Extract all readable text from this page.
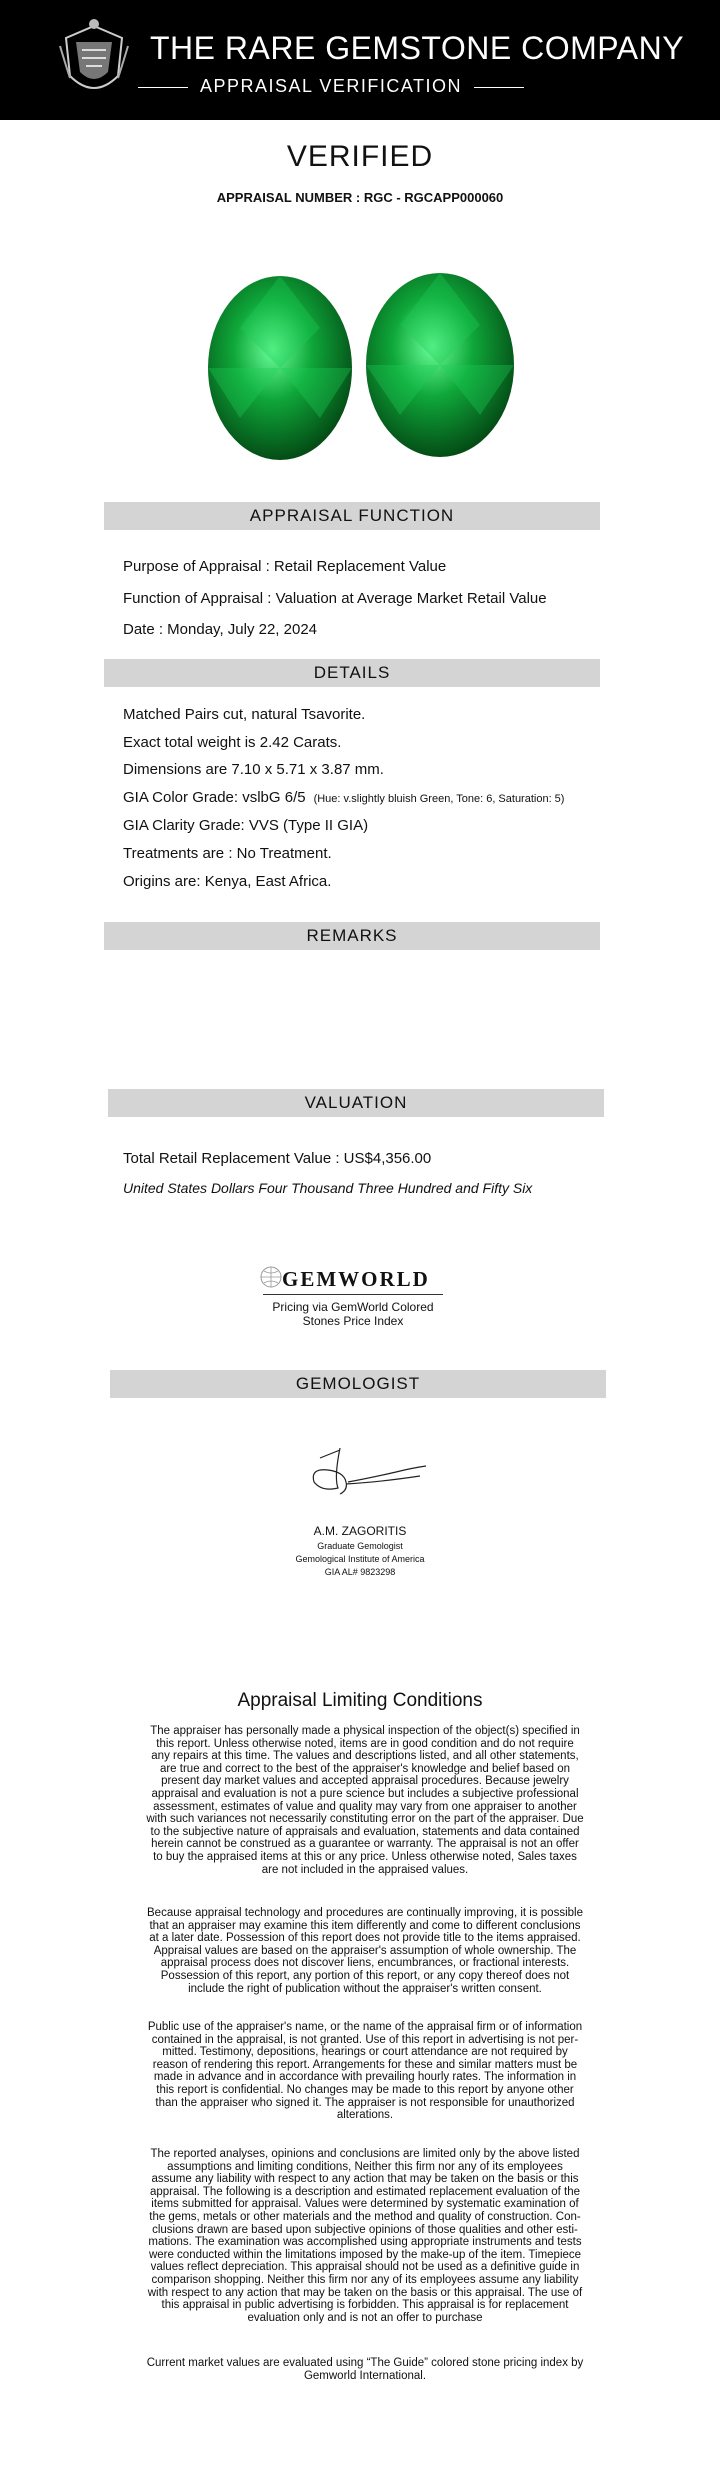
THE RARE GEMSTONE COMPANY
APPRAISAL VERIFICATION
VERIFIED
APPRAISAL NUMBER : RGC - RGCAPP000060
APPRAISAL FUNCTION
Purpose of Appraisal : Retail Replacement Value
Function of Appraisal : Valuation at Average Market Retail Value
Date : Monday, July 22, 2024
DETAILS
Matched Pairs cut, natural Tsavorite.
Exact total weight is 2.42 Carats.
Dimensions are 7.10 x 5.71 x 3.87 mm.
GIA Color Grade: vslbG 6/5 (Hue: v.slightly bluish Green, Tone: 6, Saturation: 5)
GIA Clarity Grade: VVS (Type II GIA)
Treatments are : No Treatment.
Origins are: Kenya, East Africa.
REMARKS
VALUATION
Total Retail Replacement Value : US$4,356.00
United States Dollars Four Thousand Three Hundred and Fifty Six
GEMWORLD
Pricing via GemWorld Colored
Stones Price Index
GEMOLOGIST
A.M. ZAGORITIS
Graduate Gemologist
Gemological Institute of America
GIA AL# 9823298
Appraisal Limiting Conditions
The appraiser has personally made a physical inspection of the object(s) specified in
this report. Unless otherwise noted, items are in good condition and do not require
any repairs at this time. The values and descriptions listed, and all other statements,
are true and correct to the best of the appraiser's knowledge and belief based on
present day market values and accepted appraisal procedures. Because jewelry
appraisal and evaluation is not a pure science but includes a subjective professional
assessment, estimates of value and quality may vary from one appraiser to another
with such variances not necessarily constituting error on the part of the appraiser. Due
to the subjective nature of appraisals and evaluation, statements and data contained
herein cannot be construed as a guarantee or warranty. The appraisal is not an offer
to buy the appraised items at this or any price. Unless otherwise noted, Sales taxes
are not included in the appraised values.
Because appraisal technology and procedures are continually improving, it is possible
that an appraiser may examine this item differently and come to different conclusions
at a later date. Possession of this report does not provide title to the items appraised.
Appraisal values are based on the appraiser's assumption of whole ownership. The
appraisal process does not discover liens, encumbrances, or fractional interests.
Possession of this report, any portion of this report, or any copy thereof does not
include the right of publication without the appraiser's written consent.
Public use of the appraiser's name, or the name of the appraisal firm or of information
contained in the appraisal, is not granted. Use of this report in advertising is not per-
mitted. Testimony, depositions, hearings or court attendance are not required by
reason of rendering this report. Arrangements for these and similar matters must be
made in advance and in accordance with prevailing hourly rates. The information in
this report is confidential. No changes may be made to this report by anyone other
than the appraiser who signed it. The appraiser is not responsible for unauthorized
alterations.
The reported analyses, opinions and conclusions are limited only by the above listed
assumptions and limiting conditions, Neither this firm nor any of its employees
assume any liability with respect to any action that may be taken on the basis or this
appraisal. The following is a description and estimated replacement evaluation of the
items submitted for appraisal. Values were determined by systematic examination of
the gems, metals or other materials and the method and quality of construction. Con-
clusions drawn are based upon subjective opinions of those qualities and other esti-
mations. The examination was accomplished using appropriate instruments and tests
were conducted within the limitations imposed by the make-up of the item. Timepiece
values reflect depreciation. This appraisal should not be used as a definitive guide in
comparison shopping. Neither this firm nor any of its employees assume any liability
with respect to any action that may be taken on the basis or this appraisal. The use of
this appraisal in public advertising is forbidden. This appraisal is for replacement
evaluation only and is not an offer to purchase
Current market values are evaluated using “The Guide” colored stone pricing index by
Gemworld International.
